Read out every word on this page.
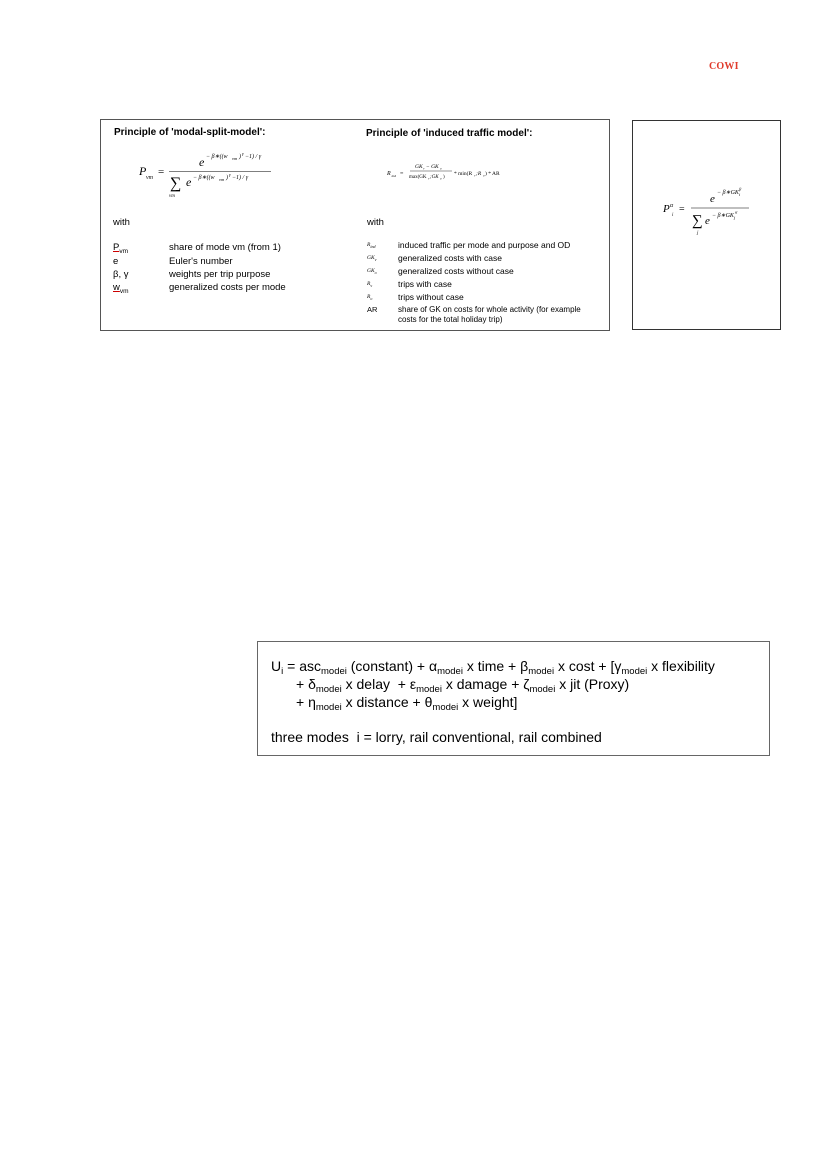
COWI
Principle of 'modal-split-model':
P vm =
e − β∗((w vm )
γ
−1) / γ
∑
vm
e − β∗((w vm )
γ
−1) / γ
with
$P_{vm}$	share of mode vm (from 1)
e	Euler's number
β, γ	weights per trip purpose
$w_{vm}$	generalized costs per mode
Principle of 'induced traffic model':
R ind =
GK v − GK o
max(GK v ;GK o )
* min(R v ;R o ) * AR
with
$R_{ind}$	induced traffic per mode and purpose and OD
$GK_v$	generalized costs with case
$GK_o$	generalized costs without case
$R_v$	trips with case
$R_o$	trips without case
AR	share of GK on costs for whole activity (for example
costs for the total holiday trip)
P α
i
=
e − β∗GK i
β
∑
j
e − β∗GK j
α
$U_i = asc_{modei}$ (constant) + $\alpha_{modei}$ x time + $\beta_{modei}$ x $\cos t + [\gamma_{modei}$ x flexibility
+ $\delta_{modei}$ x delay  + $\varepsilon_{modei}$ x damage + $\zeta_{modei}$ x jit (Proxy)
+ $\eta_{modei}$ x distance + $\theta_{modei}$ x weight]
three modes  i = lorry, rail conventional, rail combined
